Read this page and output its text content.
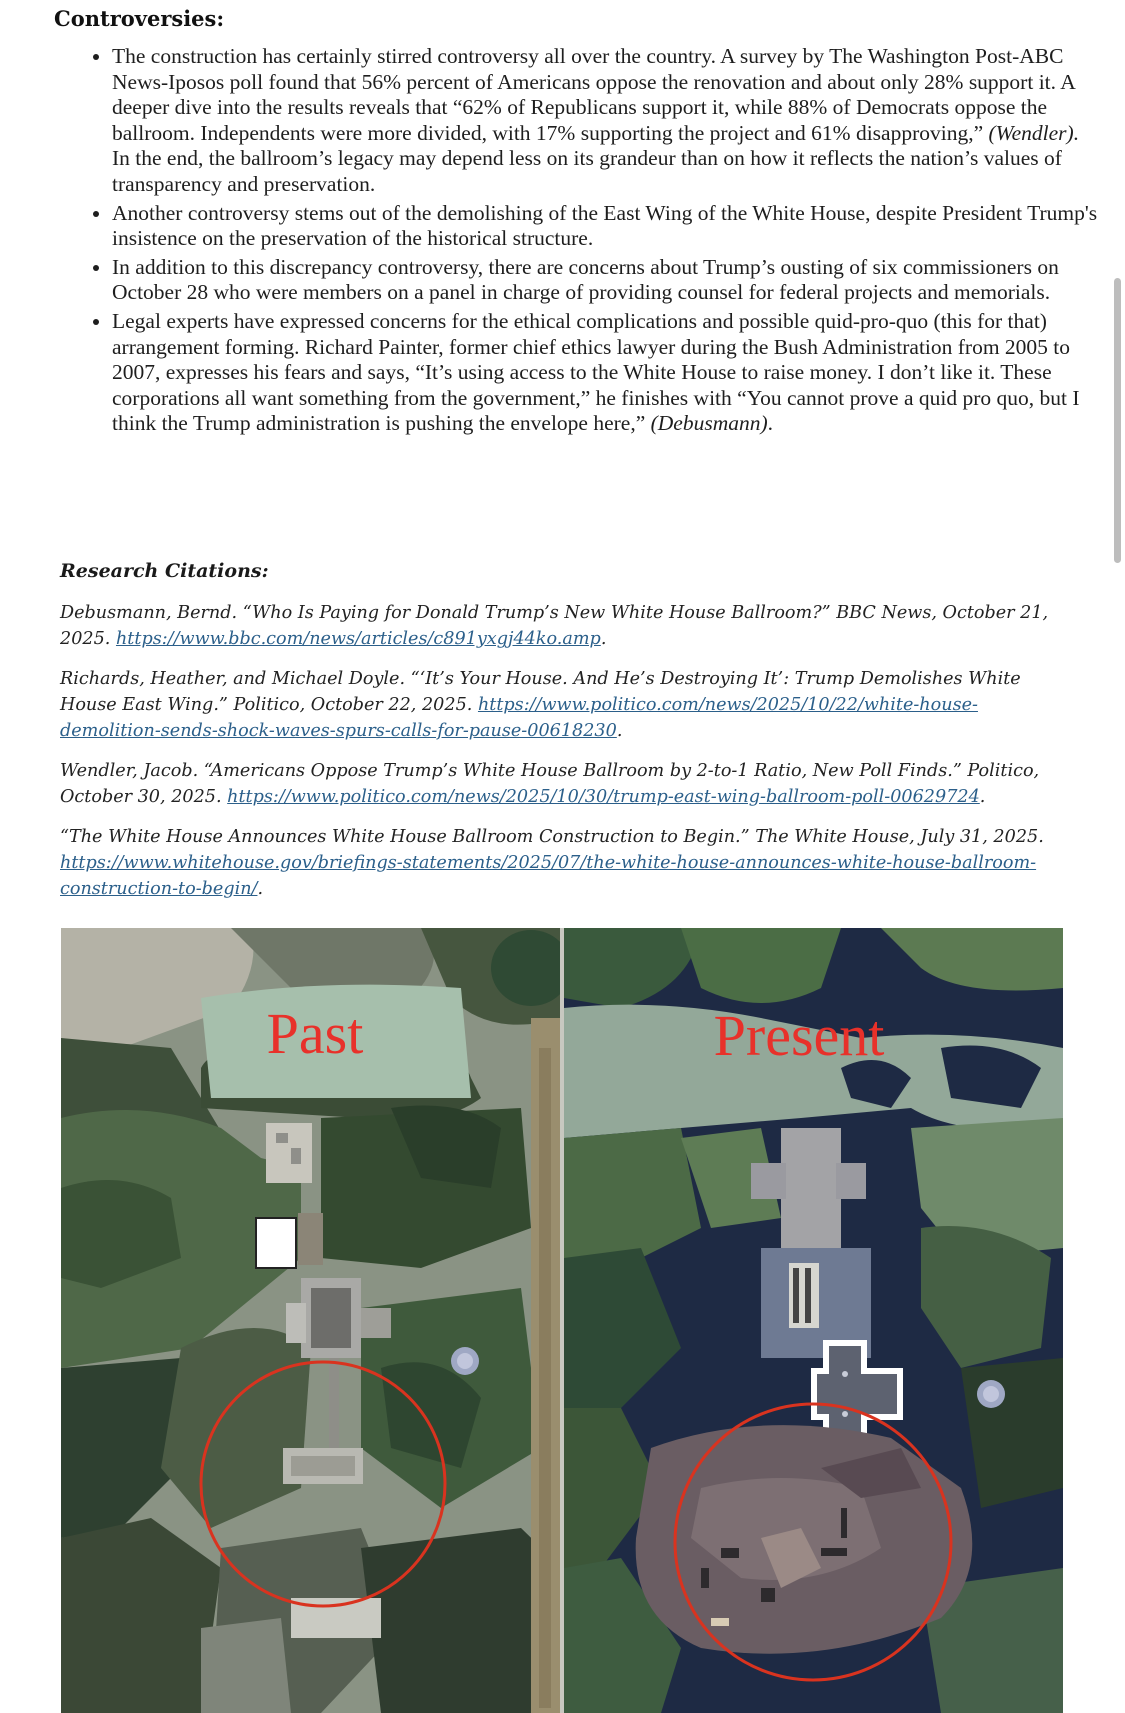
Controversies:
• The construction has certainly stirred controversy all over the country. A survey by The Washington Post-ABC News-Iposos poll found that 56% percent of Americans oppose the renovation and about only 28% support it. A deeper dive into the results reveals that “62% of Republicans support it, while 88% of Democrats oppose the ballroom. Independents were more divided, with 17% supporting the project and 61% disapproving,” (Wendler). In the end, the ballroom’s legacy may depend less on its grandeur than on how it reflects the nation’s values of transparency and preservation.
• Another controversy stems out of the demolishing of the East Wing of the White House, despite President Trump's insistence on the preservation of the historical structure.
• In addition to this discrepancy controversy, there are concerns about Trump’s ousting of six commissioners on October 28 who were members on a panel in charge of providing counsel for federal projects and memorials.
• Legal experts have expressed concerns for the ethical complications and possible quid-pro-quo (this for that) arrangement forming. Richard Painter, former chief ethics lawyer during the Bush Administration from 2005 to 2007, expresses his fears and says, “It’s using access to the White House to raise money. I don’t like it. These corporations all want something from the government,” he finishes with “You cannot prove a quid pro quo, but I think the Trump administration is pushing the envelope here,” (Debusmann).
Research Citations:

Debusmann, Bernd. “Who Is Paying for Donald Trump’s New White House Ballroom?” BBC News, October 21, 2025. https://www.bbc.com/news/articles/c891yxgj44ko.amp.

Richards, Heather, and Michael Doyle. “‘It’s Your House. And He’s Destroying It’: Trump Demolishes White House East Wing.” Politico, October 22, 2025. https://www.politico.com/news/2025/10/22/white-house-demolition-sends-shock-waves-spurs-calls-for-pause-00618230.

Wendler, Jacob. “Americans Oppose Trump’s White House Ballroom by 2-to-1 Ratio, New Poll Finds.” Politico, October 30, 2025. https://www.politico.com/news/2025/10/30/trump-east-wing-ballroom-poll-00629724.

“The White House Announces White House Ballroom Construction to Begin.” The White House, July 31, 2025. https://www.whitehouse.gov/briefings-statements/2025/07/the-white-house-announces-white-house-ballroom-construction-to-begin/.

Past	Present
